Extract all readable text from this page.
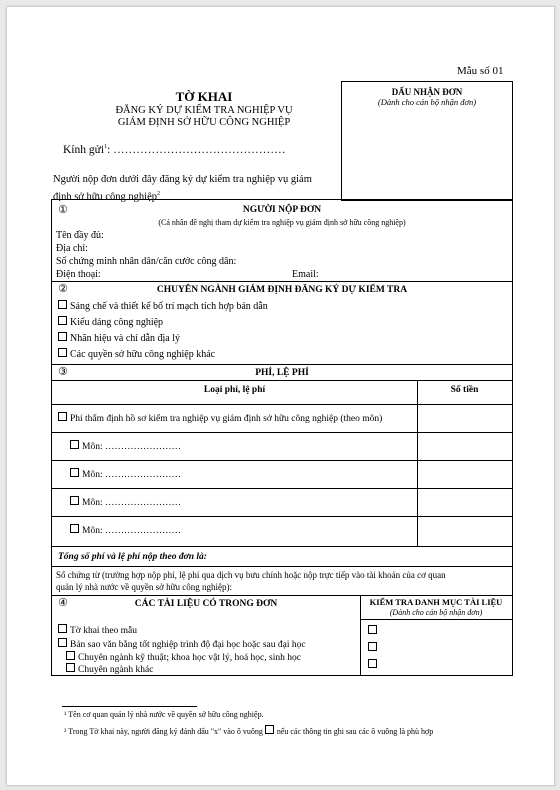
Mẫu số 01
TỜ KHAI
ĐĂNG KÝ DỰ KIỂM TRA NGHIỆP VỤ
GIÁM ĐỊNH SỞ HỮU CÔNG NGHIỆP
DẤU NHẬN ĐƠN
(Dành cho cán bộ nhận đơn)
Kính gửi$^1$: ………………………………………
Người nộp đơn dưới đây đăng ký dự kiểm tra nghiệp vụ giám
định sở hữu công nghiệp$^2$
①	NGƯỜI NỘP ĐƠN
(Cá nhân đề nghị tham dự kiểm tra nghiệp vụ giám định sở hữu công nghiệp)
Tên đầy đủ:
Địa chỉ:
Số chứng minh nhân dân/căn cước công dân:
Điện thoại:	Email:
②	CHUYÊN NGÀNH GIÁM ĐỊNH ĐĂNG KÝ DỰ KIỂM TRA
Sáng chế và thiết kế bố trí mạch tích hợp bán dẫn
Kiểu dáng công nghiệp
Nhãn hiệu và chỉ dẫn địa lý
Các quyền sở hữu công nghiệp khác
③	PHÍ, LỆ PHÍ
Loại phí, lệ phí	Số tiền
Phí thẩm định hồ sơ kiểm tra nghiệp vụ giám định sở hữu công nghiệp (theo môn)
Môn: ……………………
Môn: ……………………
Môn: ……………………
Môn: ……………………
Tổng số phí và lệ phí nộp theo đơn là:
Số chứng từ (trường hợp nộp phí, lệ phí qua dịch vụ bưu chính hoặc nộp trực tiếp vào tài khoản của cơ quan
quản lý nhà nước về quyền sở hữu công nghiệp):
④	CÁC TÀI LIỆU CÓ TRONG ĐƠN	KIỂM TRA DANH MỤC TÀI LIỆU
(Dành cho cán bộ nhận đơn)
Tờ khai theo mẫu
Bản sao văn bằng tốt nghiệp trình độ đại học hoặc sau đại học
Chuyên ngành kỹ thuật; khoa học vật lý, hoá học, sinh học
Chuyên ngành khác
¹ Tên cơ quan quản lý nhà nước về quyền sở hữu công nghiệp.
² Trong Tờ khai này, người đăng ký đánh dấu "x" vào ô vuông nếu các thông tin ghi sau các ô vuông là phù hợp
